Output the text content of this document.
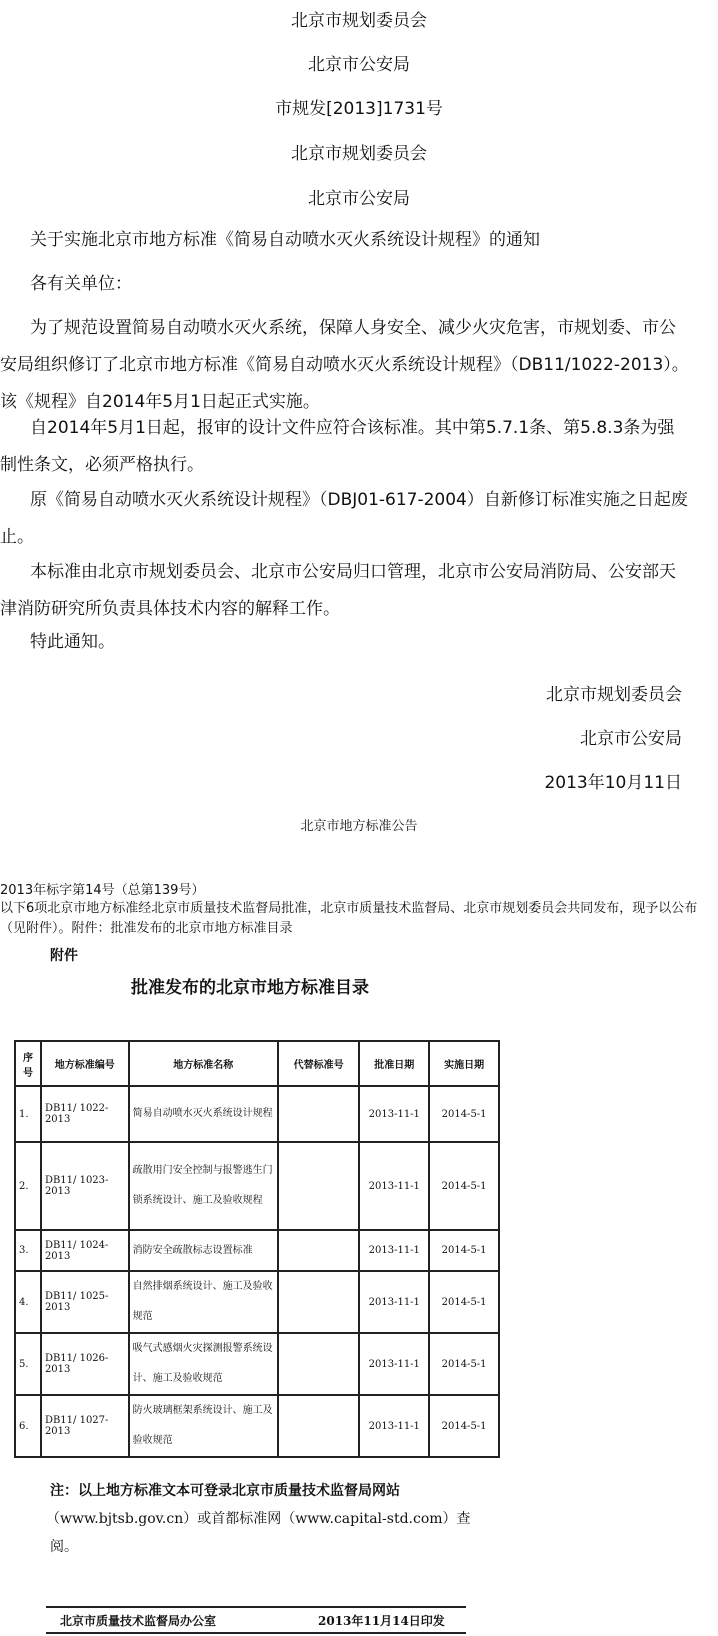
北京市规划委员会
北京市公安局
市规发[2013]1731号
北京市规划委员会
北京市公安局
关于实施北京市地方标准《简易自动喷水灭火系统设计规程》的通知
各有关单位：
为了规范设置简易自动喷水灭火系统，保障人身安全、减少火灾危害，市规划委、市公安局组织修订了北京市地方标准《简易自动喷水灭火系统设计规程》（DB11/1022-2013）。该《规程》自2014年5月1日起正式实施。
自2014年5月1日起，报审的设计文件应符合该标准。其中第5.7.1条、第5.8.3条为强制性条文，必须严格执行。
原《简易自动喷水灭火系统设计规程》（DBJ01-617-2004）自新修订标准实施之日起废止。
本标准由北京市规划委员会、北京市公安局归口管理，北京市公安局消防局、公安部天津消防研究所负责具体技术内容的解释工作。
特此通知。
北京市规划委员会
北京市公安局
2013年10月11日
北京市地方标准公告
2013年标字第14号（总第139号）
以下6项北京市地方标准经北京市质量技术监督局批准，北京市质量技术监督局、北京市规划委员会共同发布，现予以公布（见附件）。附件：批准发布的北京市地方标准目录
附件
批准发布的北京市地方标准目录
序号	地方标准编号	地方标准名称	代替标准号	批准日期	实施日期
1.	DB11/ 1022-2013	简易自动喷水灭火系统设计规程		2013-11-1	2014-5-1
2.	DB11/ 1023-2013	疏散用门安全控制与报警逃生门锁系统设计、施工及验收规程		2013-11-1	2014-5-1
3.	DB11/ 1024-2013	消防安全疏散标志设置标准		2013-11-1	2014-5-1
4.	DB11/ 1025-2013	自然排烟系统设计、施工及验收规范		2013-11-1	2014-5-1
5.	DB11/ 1026-2013	吸气式感烟火灾探测报警系统设计、施工及验收规范		2013-11-1	2014-5-1
6.	DB11/ 1027-2013	防火玻璃框架系统设计、施工及验收规范		2013-11-1	2014-5-1
注：以上地方标准文本可登录北京市质量技术监督局网站
（www.bjtsb.gov.cn）或首都标准网（www.capital-std.com）查
阅。
北京市质量技术监督局办公室	2013年11月14日印发
